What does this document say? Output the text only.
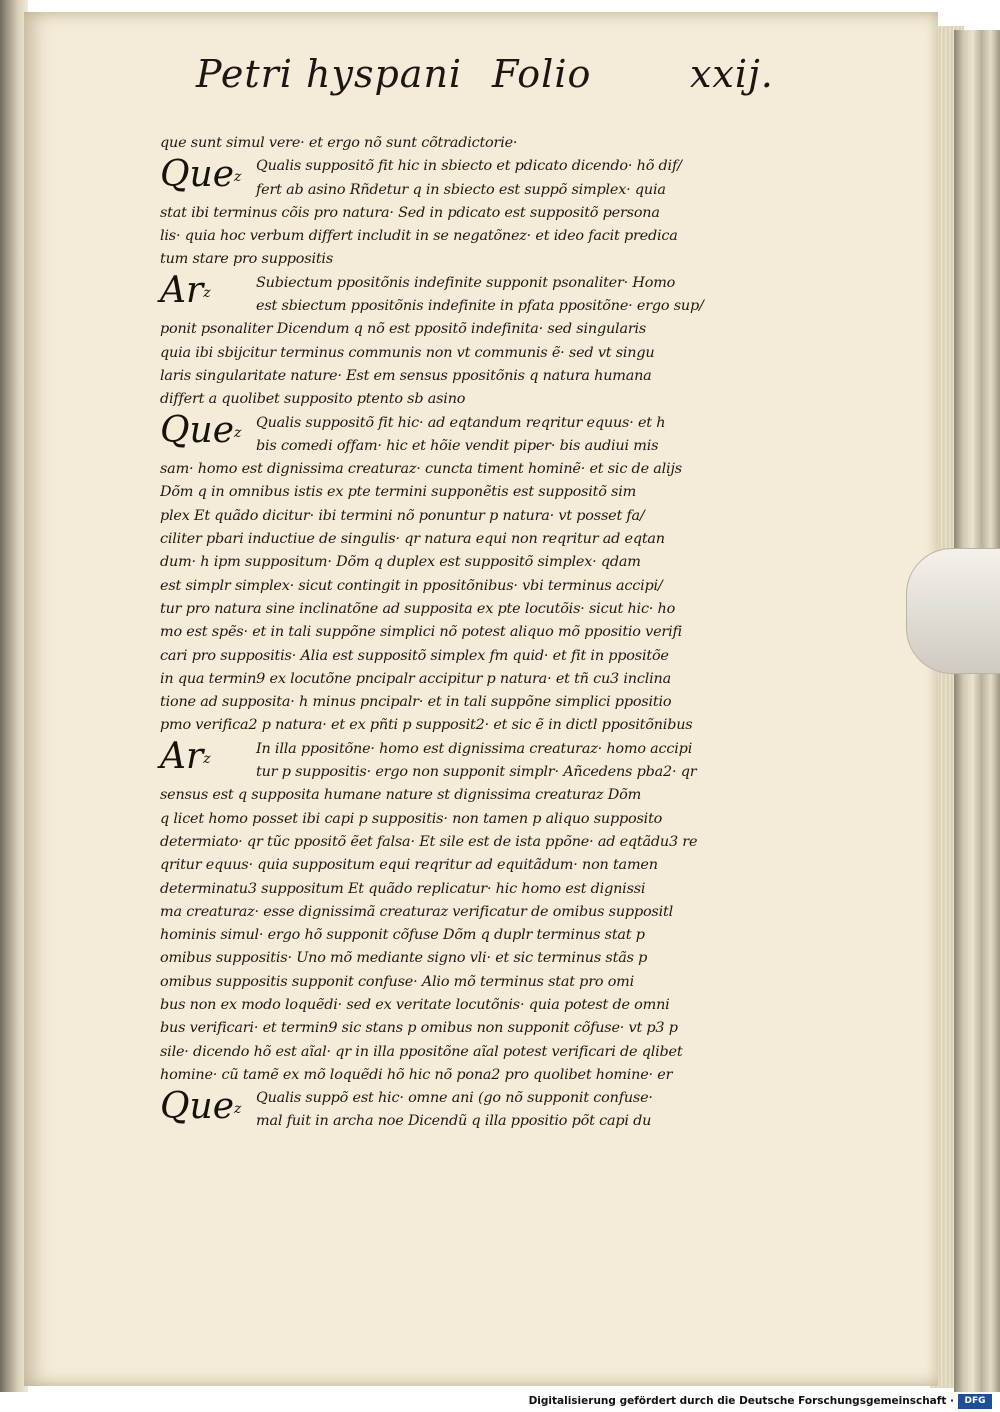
Petri hyspani Folio	xxij.
Que$^z$
Ar$^z$
Que$^z$
Ar$^z$
Que$^z$
que sunt simul vere· et ergo nõ sunt cõtradictorie·
Qualis suppositõ fit hic in sbiecto et pdicato dicendo· hõ dif/
fert ab asino Rñdetur q in sbiecto est suppõ simplex· quia
stat ibi terminus cõis pro natura· Sed in pdicato est suppositõ persona
lis· quia hoc verbum differt includit in se negatõnez· et ideo facit predica
tum stare pro suppositis
Subiectum ppositõnis indefinite supponit psonaliter· Homo
est sbiectum ppositõnis indefinite in pfata ppositõne· ergo sup/
ponit psonaliter Dicendum q nõ est ppositõ indefinita· sed singularis
quia ibi sbijcitur terminus communis non vt communis ẽ· sed vt singu
laris singularitate nature· Est em sensus ppositõnis q natura humana
differt a quolibet supposito ptento sb asino
Qualis suppositõ fit hic· ad eqtandum reqritur equus· et h
bis comedi offam· hic et hõie vendit piper· bis audiui mis
sam· homo est dignissima creaturaz· cuncta timent hominẽ· et sic de alijs
Dõm q in omnibus istis ex pte termini supponẽtis est suppositõ sim
plex Et quãdo dicitur· ibi termini nõ ponuntur p natura· vt posset fa/
ciliter pbari inductiue de singulis· qr natura equi non reqritur ad eqtan
dum· h ipm suppositum· Dõm q duplex est suppositõ simplex· qdam
est simplr simplex· sicut contingit in ppositõnibus· vbi terminus accipi/
tur pro natura sine inclinatõne ad supposita ex pte locutõis· sicut hic· ho
mo est spẽs· et in tali suppõne simplici nõ potest aliquo mõ ppositio verifi
cari pro suppositis· Alia est suppositõ simplex fm quid· et fit in ppositõe
in qua termin9 ex locutõne pncipalr accipitur p natura· et tñ cu3 inclina
tione ad supposita· h minus pncipalr· et in tali suppõne simplici ppositio
pmo verifica2 p natura· et ex pñti p supposit2· et sic ẽ in dictl ppositõnibus
In illa ppositõne· homo est dignissima creaturaz· homo accipi
tur p suppositis· ergo non supponit simplr· Añcedens pba2· qr
sensus est q supposita humane nature st dignissima creaturaz Dõm
q licet homo posset ibi capi p suppositis· non tamen p aliquo supposito
determiato· qr tũc ppositõ ẽet falsa· Et sile est de ista ppõne· ad eqtãdu3 re
qritur equus· quia suppositum equi reqritur ad equitãdum· non tamen
determinatu3 suppositum Et quãdo replicatur· hic homo est dignissi
ma creaturaz· esse dignissimã creaturaz verificatur de omibus suppositl
hominis simul· ergo hõ supponit cõfuse Dõm q duplr terminus stat p
omibus suppositis· Uno mõ mediante signo vli· et sic terminus stãs p
omibus suppositis supponit confuse· Alio mõ terminus stat pro omi
bus non ex modo loquẽdi· sed ex veritate locutõnis· quia potest de omni
bus verificari· et termin9 sic stans p omibus non supponit cõfuse· vt p3 p
sile· dicendo hõ est aĩal· qr in illa ppositõne aĩal potest verificari de qlibet
homine· cũ tamẽ ex mõ loquẽdi hõ hic nõ pona2 pro quolibet homine· er
Qualis suppõ est hic· omne ani (go nõ supponit confuse·
mal fuit in archa noe Dicendũ q illa ppositio põt capi du
Digitalisierung gefördert durch die Deutsche Forschungsgemeinschaft ·	DFG
